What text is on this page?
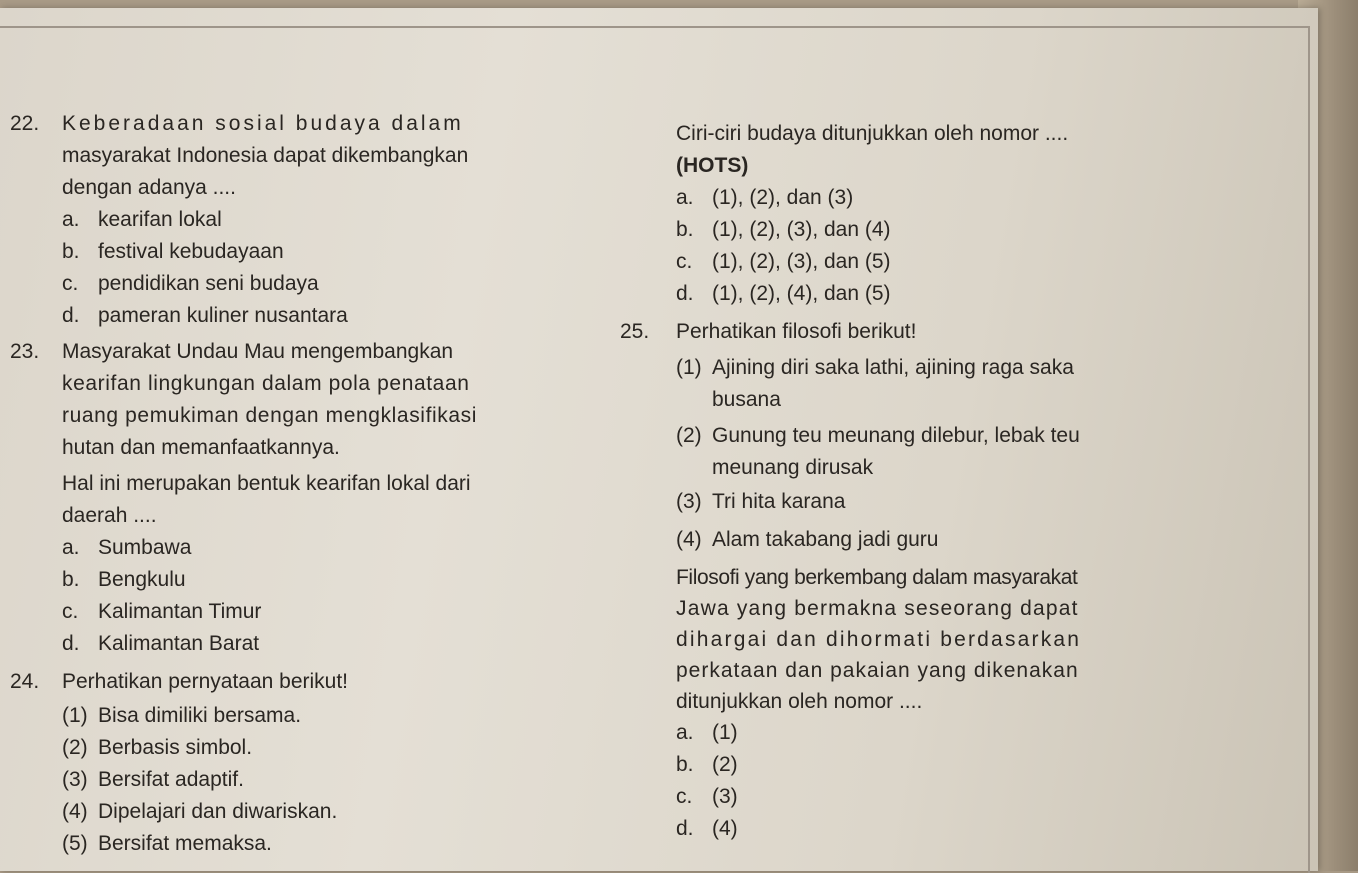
22. Keberadaan sosial budaya dalam
masyarakat Indonesia dapat dikembangkan
dengan adanya ....
a. kearifan lokal
b. festival kebudayaan
c. pendidikan seni budaya
d. pameran kuliner nusantara
23. Masyarakat Undau Mau mengembangkan
kearifan lingkungan dalam pola penataan
ruang pemukiman dengan mengklasifikasi
hutan dan memanfaatkannya.
Hal ini merupakan bentuk kearifan lokal dari
daerah ....
a. Sumbawa
b. Bengkulu
c. Kalimantan Timur
d. Kalimantan Barat
24. Perhatikan pernyataan berikut!
(1) Bisa dimiliki bersama.
(2) Berbasis simbol.
(3) Bersifat adaptif.
(4) Dipelajari dan diwariskan.
(5) Bersifat memaksa.
Ciri-ciri budaya ditunjukkan oleh nomor ....
(HOTS)
a. (1), (2), dan (3)
b. (1), (2), (3), dan (4)
c. (1), (2), (3), dan (5)
d. (1), (2), (4), dan (5)
25. Perhatikan filosofi berikut!
(1) Ajining diri saka lathi, ajining raga saka
busana
(2) Gunung teu meunang dilebur, lebak teu
meunang dirusak
(3) Tri hita karana
(4) Alam takabang jadi guru
Filosofi yang berkembang dalam masyarakat
Jawa yang bermakna seseorang dapat
dihargai dan dihormati berdasarkan
perkataan dan pakaian yang dikenakan
ditunjukkan oleh nomor ....
a. (1)
b. (2)
c. (3)
d. (4)
